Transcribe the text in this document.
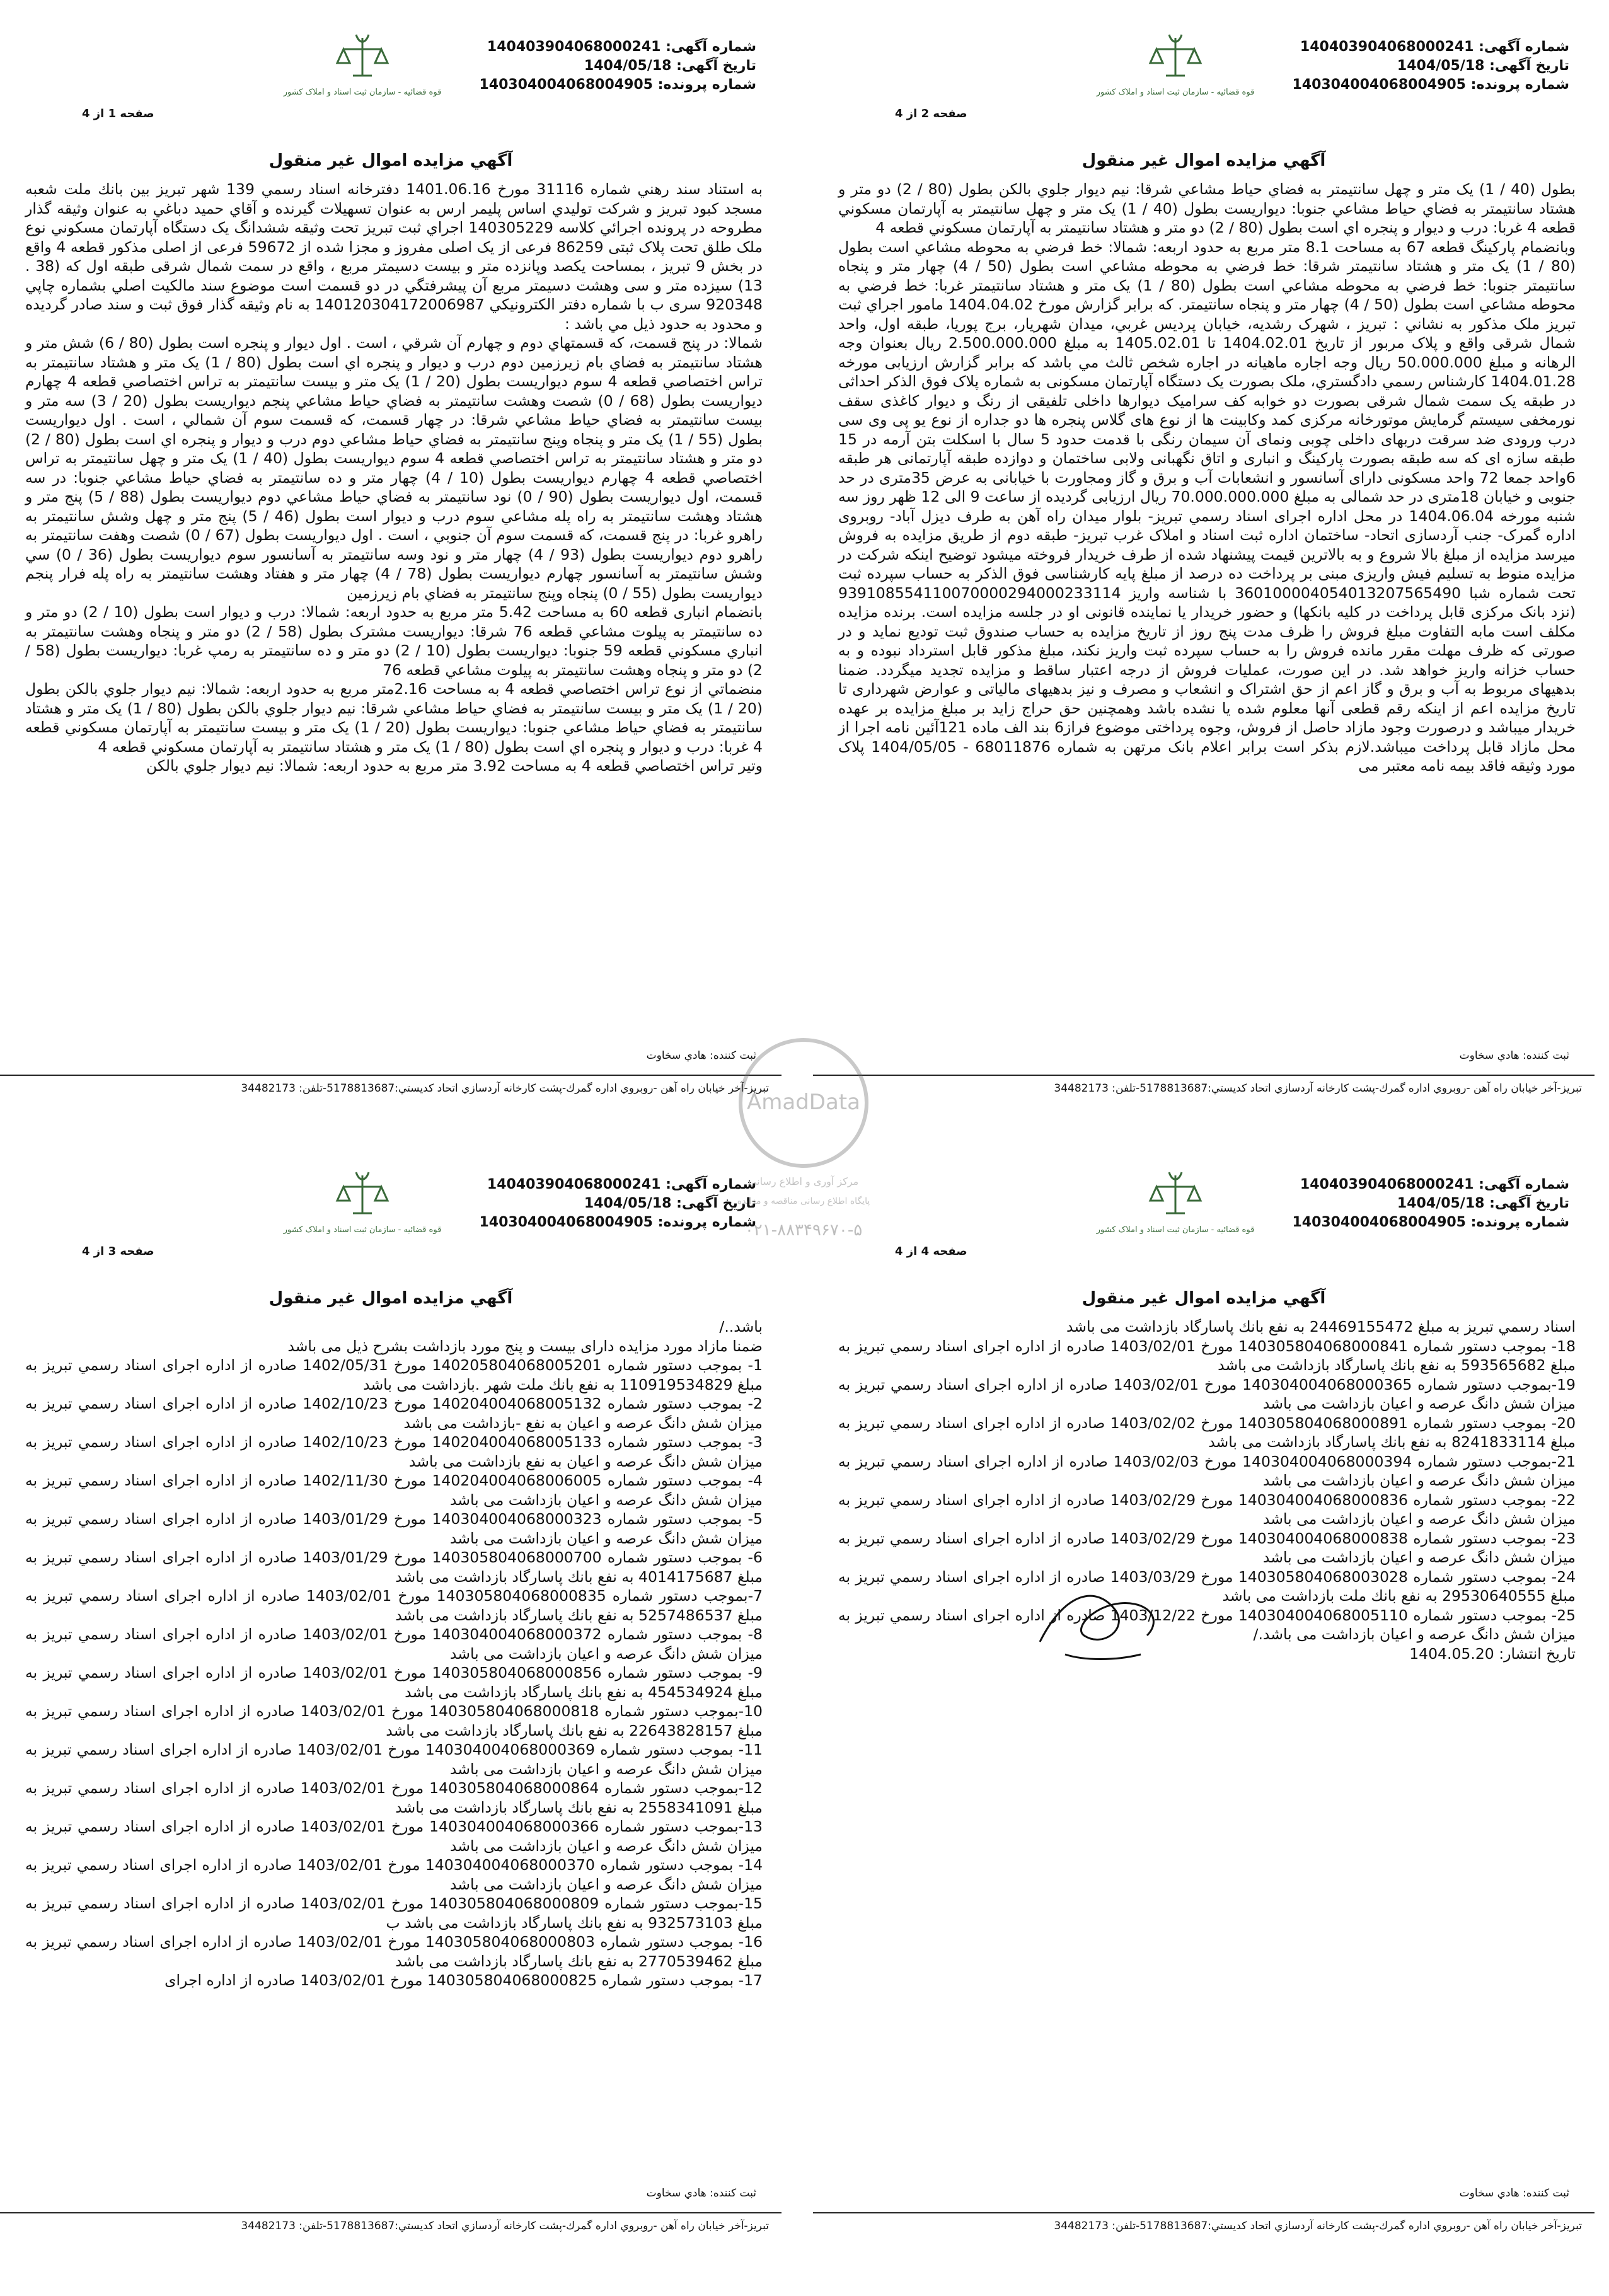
شماره آگهی: 140403904068000241
تاریخ آگهی: 1404/05/18
شماره پرونده: 140304004068004905
قوه قضائیه - سازمان ثبت اسناد و املاک کشور
صفحه 1 از 4
آگهي مزايده اموال غير منقول
به استناد سند رهني شماره 31116 مورخ 1401.06.16 دفترخانه اسناد رسمي 139 شهر تبريز بين بانك ملت شعبه مسجد كبود تبريز و شركت توليدي اساس پليمر ارس به عنوان تسهيلات گيرنده و آقاي حميد دباغي به عنوان وثيقه گذار مطروحه در پرونده اجرائي كلاسه 140305229 اجراي ثبت تبريز تحت وثيقه ششدانگ يک دستگاه آپارتمان مسكوني نوع ملک طلق تحت پلاک ثبتی 86259 فرعی از يک اصلی مفروز و مجزا شده از 59672 فرعی از اصلی مذکور قطعه 4 واقع در بخش 9 تبريز ، بمساحت يکصد وپانزده متر و بيست دسيمتر مربع ، واقع در سمت شمال شرقی طبقه اول که (38 . 13) سيزده متر و سی وهشت دسيمتر مربع آن پيشرفتگي در دو قسمت است موضوع سند مالکيت اصلي بشماره چاپي 920348 سری ب با شماره دفتر الكترونيكي 140120304172006987 به نام وثيقه گذار فوق ثبت و سند صادر گرديده و محدود به حدود ذيل مي باشد :
شمالا: در پنج قسمت، كه قسمتهاي دوم و چهارم آن شرقي ، است . اول ديوار و پنجره است بطول (80 / 6) شش متر و هشتاد سانتيمتر به فضاي بام زيرزمين دوم درب و ديوار و پنجره اي است بطول (80 / 1) يک متر و هشتاد سانتيمتر به تراس اختصاصي قطعه 4 سوم ديواريست بطول (20 / 1) يک متر و بيست سانتيمتر به تراس اختصاصي قطعه 4 چهارم ديواريست بطول (68 / 0) شصت وهشت سانتيمتر به فضاي حياط مشاعي پنجم ديواريست بطول (20 / 3) سه متر و بيست سانتيمتر به فضاي حياط مشاعي شرقا: در چهار قسمت، كه قسمت سوم آن شمالي ، است . اول ديواريست بطول (55 / 1) يک متر و پنجاه وپنج سانتيمتر به فضاي حياط مشاعي دوم درب و ديوار و پنجره اي است بطول (80 / 2) دو متر و هشتاد سانتيمتر به تراس اختصاصي قطعه 4 سوم ديواريست بطول (40 / 1) يک متر و چهل سانتيمتر به تراس اختصاصي قطعه 4 چهارم ديواريست بطول (10 / 4) چهار متر و ده سانتيمتر به فضاي حياط مشاعي جنوبا: در سه قسمت، اول ديواريست بطول (90 / 0) نود سانتيمتر به فضاي حياط مشاعي دوم ديواريست بطول (88 / 5) پنج متر و هشتاد وهشت سانتيمتر به راه پله مشاعي سوم درب و ديوار است بطول (46 / 5) پنج متر و چهل وشش سانتيمتر به راهرو غربا: در پنج قسمت، كه قسمت سوم آن جنوبي ، است . اول ديواريست بطول (67 / 0) شصت وهفت سانتيمتر به راهرو دوم ديواريست بطول (93 / 4) چهار متر و نود وسه سانتيمتر به آسانسور سوم ديواريست بطول (36 / 0) سي وشش سانتيمتر به آسانسور چهارم ديواريست بطول (78 / 4) چهار متر و هفتاد وهشت سانتيمتر به راه پله فرار پنجم ديواريست بطول (55 / 0) پنجاه وپنج سانتيمتر به فضاي بام زيرزمين
بانضمام انباری قطعه 60 به مساحت 5.42 متر مربع به حدود اربعه: شمالا: درب و ديوار است بطول (10 / 2) دو متر و ده سانتيمتر به پيلوت مشاعي قطعه 76 شرقا: ديواريست مشترک بطول (58 / 2) دو متر و پنجاه وهشت سانتيمتر به انباري مسكوني قطعه 59 جنوبا: ديواريست بطول (10 / 2) دو متر و ده سانتيمتر به رمپ غربا: ديواريست بطول (58 / 2) دو متر و پنجاه وهشت سانتيمتر به پيلوت مشاعي قطعه 76
منضماتي از نوع تراس اختصاصي قطعه 4 به مساحت 2.16متر مربع به حدود اربعه: شمالا: نيم ديوار جلوي بالكن بطول (20 / 1) يک متر و بيست سانتيمتر به فضاي حياط مشاعي شرقا: نيم ديوار جلوي بالكن بطول (80 / 1) يک متر و هشتاد سانتيمتر به فضاي حياط مشاعي جنوبا: ديواريست بطول (20 / 1) يک متر و بيست سانتيمتر به آپارتمان مسكوني قطعه 4 غربا: درب و ديوار و پنجره اي است بطول (80 / 1) يک متر و هشتاد سانتيمتر به آپارتمان مسكوني قطعه 4
وتير تراس اختصاصي قطعه 4 به مساحت 3.92 متر مربع به حدود اربعه: شمالا: نيم ديوار جلوي بالكن
ثبت كننده: هادي سخاوت
تبريز-آخر خيابان راه آهن -روبروي اداره گمرك-پشت كارخانه آردسازي اتحاد كديستي:5178813687-تلفن: 34482173
شماره آگهی: 140403904068000241
تاریخ آگهی: 1404/05/18
شماره پرونده: 140304004068004905
قوه قضائیه - سازمان ثبت اسناد و املاک کشور
صفحه 2 از 4
آگهي مزايده اموال غير منقول
بطول (40 / 1) يک متر و چهل سانتيمتر به فضاي حياط مشاعي شرقا: نيم ديوار جلوي بالكن بطول (80 / 2) دو متر و هشتاد سانتيمتر به فضاي حياط مشاعي جنوبا: ديواريست بطول (40 / 1) يک متر و چهل سانتيمتر به آپارتمان مسكوني قطعه 4 غربا: درب و ديوار و پنجره اي است بطول (80 / 2) دو متر و هشتاد سانتيمتر به آپارتمان مسكوني قطعه 4
وبانضمام پاركينگ قطعه 67 به مساحت 8.1 متر مربع به حدود اربعه: شمالا: خط فرضي به محوطه مشاعي است بطول (80 / 1) يک متر و هشتاد سانتيمتر شرقا: خط فرضي به محوطه مشاعي است بطول (50 / 4) چهار متر و پنجاه سانتيمتر جنوبا: خط فرضي به محوطه مشاعي است بطول (80 / 1) يک متر و هشتاد سانتيمتر غربا: خط فرضي به محوطه مشاعي است بطول (50 / 4) چهار متر و پنجاه سانتيمتر. كه برابر گزارش مورخ 1404.04.02 مامور اجراي ثبت تبريز ملک مذکور به نشاني : تبريز ، شهرک رشديه، خيابان پرديس غربي، ميدان شهريار، برج پوريا، طبقه اول، واحد شمال شرقی واقع و پلاک مربور از تاريخ 1404.02.01 تا 1405.02.01 به مبلغ 2.500.000.000 ريال بعنوان وجه الرهانه و مبلغ 50.000.000 ريال وجه اجاره ماهيانه در اجاره شخص ثالث مي باشد که برابر گزارش ارزيابی مورخه 1404.01.28 کارشناس رسمي دادگستري، ملک بصورت يک دستگاه آپارتمان مسکونی به شماره پلاک فوق الذکر احداثی در طبقه يک سمت شمال شرقی بصورت دو خوابه کف سراميک ديوارها داخلی تلفيقی از رنگ و ديوار کاغذی سقف نورمخفی سيستم گرمايش موتورخانه مرکزی کمد وکابينت ها از نوع های گلاس پنجره ها دو جداره از نوع يو پی وی سی درب ورودی ضد سرقت دربهای داخلی چوبی ونمای آن سيمان رنگی با قدمت حدود 5 سال با اسکلت بتن آرمه در 15 طبقه سازه ای که سه طبقه بصورت پارکينگ و انباری و اتاق نگهبانی ولابی ساختمان و دوازده طبقه آپارتمانی هر طبقه 6واحد جمعا 72 واحد مسکونی دارای آسانسور و انشعابات آب و برق و گاز ومجاورت با خيابانی به عرض 35متری در حد جنوبی و خيابان 18متری در حد شمالی به مبلغ 70.000.000.000 ريال ارزيابی گرديده از ساعت 9 الی 12 ظهر روز سه شنبه مورخه 1404.06.04 در محل اداره اجرای اسناد رسمي تبريز- بلوار ميدان راه آهن به طرف ديزل آباد- روبروی اداره گمرک- جنب آردسازی اتحاد- ساختمان اداره ثبت اسناد و املاک غرب تبريز- طبقه دوم از طريق مزايده به فروش ميرسد مزايده از مبلغ بالا شروع و به بالاترين قيمت پيشنهاد شده از طرف خريدار فروخته ميشود توضيح اينکه شرکت در مزايده منوط به تسليم فيش واريزی مبنی بر پرداخت ده درصد از مبلغ پايه كارشناسی فوق الذكر به حساب سپرده ثبت تحت شماره شبا 360100004054013207565490 با شناسه واريز 939108554110070000294000233114 (نزد بانک مرکزی قابل پرداخت در کليه بانکها) و حضور خريدار يا نماينده قانونی او در جلسه مزايده است. برنده مزايده مکلف است مابه التفاوت مبلغ فروش را ظرف مدت پنج روز از تاريخ مزايده به حساب صندوق ثبت توديع نمايد و در صورتی که ظرف مهلت مقرر مانده فروش را به حساب سپرده ثبت واريز نکند، مبلغ مذکور قابل استرداد نبوده و به حساب خزانه واريز خواهد شد. در اين صورت، عمليات فروش از درجه اعتبار ساقط و مزايده تجديد ميگردد. ضمنا بدهيهای مربوط به آب و برق و گاز اعم از حق اشتراک و انشعاب و مصرف و نيز بدهيهای مالياتی و عوارض شهرداری تا تاريخ مزايده اعم از اينکه رقم قطعی آنها معلوم شده يا نشده باشد وهمچنين حق حراج زايد بر مبلغ مزايده بر عهده خريدار ميباشد و درصورت وجود مازاد حاصل از فروش، وجوه پرداختی موضوع فراز6 بند الف ماده 121آئين نامه اجرا از محل مازاد قابل پرداخت ميباشد.لازم بذكر است برابر اعلام بانک مرتهن به شماره 68011876 - 1404/05/05 پلاک مورد وثيقه فاقد بيمه نامه معتبر می
ثبت كننده: هادي سخاوت
تبريز-آخر خيابان راه آهن -روبروي اداره گمرك-پشت كارخانه آردسازي اتحاد كديستي:5178813687-تلفن: 34482173
شماره آگهی: 140403904068000241
تاریخ آگهی: 1404/05/18
شماره پرونده: 140304004068004905
قوه قضائیه - سازمان ثبت اسناد و املاک کشور
صفحه 3 از 4
آگهي مزايده اموال غير منقول
باشد../
ضمنا مازاد مورد مزايده دارای بيست و پنج مورد بازداشت بشرح ذيل می باشد
1- بموجب دستور شماره 140205804068005201 مورخ 1402/05/31 صادره از اداره اجرای اسناد رسمي تبريز به مبلغ 110919534829 به نفع بانك ملت شهر .بازداشت می باشد
2- بموجب دستور شماره 140204004068005132 مورخ 1402/10/23 صادره از اداره اجرای اسناد رسمي تبريز به ميزان شش دانگ عرصه و اعيان به نفع -بازداشت می باشد
3- بموجب دستور شماره 140204004068005133 مورخ 1402/10/23 صادره از اداره اجرای اسناد رسمي تبريز به ميزان شش دانگ عرصه و اعيان به نفع بازداشت می باشد
4- بموجب دستور شماره 140204004068006005 مورخ 1402/11/30 صادره از اداره اجرای اسناد رسمي تبريز به ميزان شش دانگ عرصه و اعيان بازداشت می باشد
5- بموجب دستور شماره 140304004068000323 مورخ 1403/01/29 صادره از اداره اجرای اسناد رسمي تبريز به ميزان شش دانگ عرصه و اعيان بازداشت می باشد
6- بموجب دستور شماره 140305804068000700 مورخ 1403/01/29 صادره از اداره اجرای اسناد رسمي تبريز به مبلغ 4014175687 به نفع بانك پاسارگاد بازداشت می باشد
7-بموجب دستور شماره 140305804068000835 مورخ 1403/02/01 صادره از اداره اجرای اسناد رسمي تبريز به مبلغ 5257486537 به نفع بانك پاسارگاد بازداشت می باشد
8- بموجب دستور شماره 140304004068000372 مورخ 1403/02/01 صادره از اداره اجرای اسناد رسمي تبريز به ميزان شش دانگ عرصه و اعيان بازداشت می باشد
9- بموجب دستور شماره 140305804068000856 مورخ 1403/02/01 صادره از اداره اجرای اسناد رسمي تبريز به مبلغ 454534924 به نفع بانك پاسارگاد بازداشت می باشد
10-بموجب دستور شماره 140305804068000818 مورخ 1403/02/01 صادره از اداره اجرای اسناد رسمي تبريز به مبلغ 22643828157 به نفع بانك پاسارگاد بازداشت می باشد
11- بموجب دستور شماره 140304004068000369 مورخ 1403/02/01 صادره از اداره اجرای اسناد رسمي تبريز به ميزان شش دانگ عرصه و اعيان بازداشت می باشد
12-بموجب دستور شماره 140305804068000864 مورخ 1403/02/01 صادره از اداره اجرای اسناد رسمي تبريز به مبلغ 2558341091 به نفع بانك پاسارگاد بازداشت می باشد
13-بموجب دستور شماره 140304004068000366 مورخ 1403/02/01 صادره از اداره اجرای اسناد رسمي تبريز به ميزان شش دانگ عرصه و اعيان بازداشت می باشد
14- بموجب دستور شماره 140304004068000370 مورخ 1403/02/01 صادره از اداره اجرای اسناد رسمي تبريز به ميزان شش دانگ عرصه و اعيان بازداشت می باشد
15-بموجب دستور شماره 140305804068000809 مورخ 1403/02/01 صادره از اداره اجرای اسناد رسمي تبريز به مبلغ 932573103 به نفع بانك پاسارگاد بازداشت می باشد ب
16- بموجب دستور شماره 140305804068000803 مورخ 1403/02/01 صادره از اداره اجرای اسناد رسمي تبريز به مبلغ 2770539462 به نفع بانك پاسارگاد بازداشت می باشد
17- بموجب دستور شماره 140305804068000825 مورخ 1403/02/01 صادره از اداره اجرای
ثبت كننده: هادي سخاوت
تبريز-آخر خيابان راه آهن -روبروي اداره گمرك-پشت كارخانه آردسازي اتحاد كديستي:5178813687-تلفن: 34482173
شماره آگهی: 140403904068000241
تاریخ آگهی: 1404/05/18
شماره پرونده: 140304004068004905
قوه قضائیه - سازمان ثبت اسناد و املاک کشور
صفحه 4 از 4
آگهي مزايده اموال غير منقول
اسناد رسمي تبريز به مبلغ 24469155472 به نفع بانك پاسارگاد بازداشت می باشد
18- بموجب دستور شماره 140305804068000841 مورخ 1403/02/01 صادره از اداره اجرای اسناد رسمي تبريز به مبلغ 593565682 به نفع بانك پاسارگاد بازداشت می باشد
19-بموجب دستور شماره 140304004068000365 مورخ 1403/02/01 صادره از اداره اجرای اسناد رسمي تبريز به ميزان شش دانگ عرصه و اعيان بازداشت می باشد
20- بموجب دستور شماره 140305804068000891 مورخ 1403/02/02 صادره از اداره اجرای اسناد رسمي تبريز به مبلغ 8241833114 به نفع بانك پاسارگاد بازداشت می باشد
21-بموجب دستور شماره 140304004068000394 مورخ 1403/02/03 صادره از اداره اجرای اسناد رسمي تبريز به ميزان شش دانگ عرصه و اعيان بازداشت می باشد
22- بموجب دستور شماره 140304004068000836 مورخ 1403/02/29 صادره از اداره اجرای اسناد رسمي تبريز به ميزان شش دانگ عرصه و اعيان بازداشت می باشد
23- بموجب دستور شماره 140304004068000838 مورخ 1403/02/29 صادره از اداره اجرای اسناد رسمي تبريز به ميزان شش دانگ عرصه و اعيان بازداشت می باشد
24- بموجب دستور شماره 140305804068003028 مورخ 1403/03/29 صادره از اداره اجرای اسناد رسمي تبريز به مبلغ 29530640555 به نفع بانك ملت بازداشت می باشد
25- بموجب دستور شماره 140304004068005110 مورخ 1403/12/22 صادره از اداره اجرای اسناد رسمي تبريز به ميزان شش دانگ عرصه و اعيان بازداشت می باشد./
تاريخ انتشار: 1404.05.20
ثبت كننده: هادي سخاوت
تبريز-آخر خيابان راه آهن -روبروي اداره گمرك-پشت كارخانه آردسازي اتحاد كديستي:5178813687-تلفن: 34482173
AmadData
مرکز آوری و اطلاع رسانی
پایگاه اطلاع رسانی مناقصه و مزایده
۰۲۱-۸۸۳۴۹۶۷۰-۵
